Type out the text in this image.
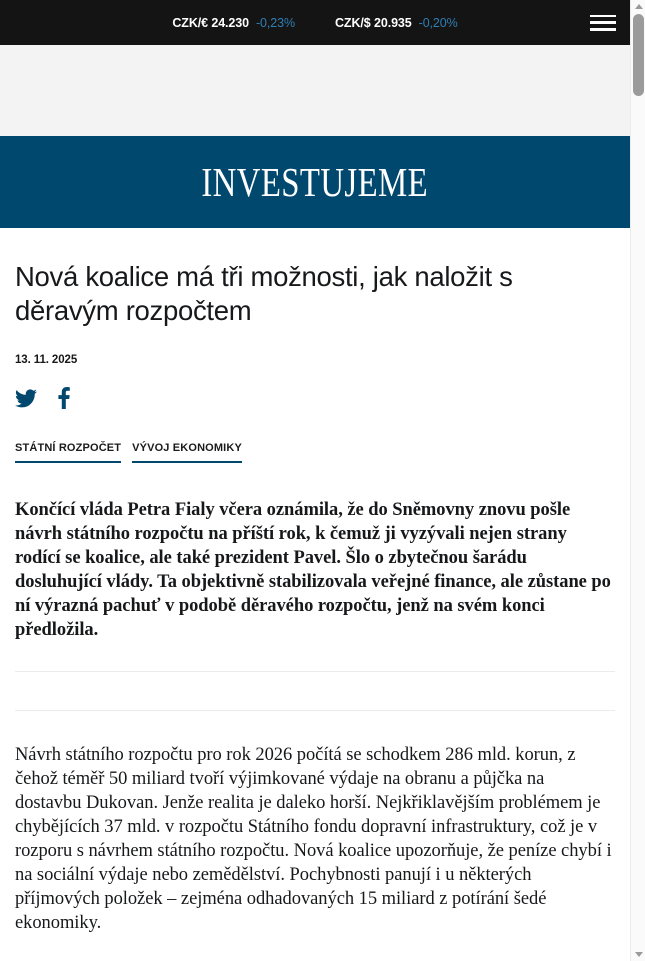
CZK/€ 24.230 -0,23%	CZK/$ 20.935 -0,20%
INVESTUJEME
Nová koalice má tři možnosti, jak naložit s děravým rozpočtem
13. 11. 2025
STÁTNÍ ROZPOČET VÝVOJ EKONOMIKY

Končící vláda Petra Fialy včera oznámila, že do Sněmovny znovu pošle návrh státního rozpočtu na příští rok, k čemuž ji vyzývali nejen strany rodící se koalice, ale také prezident Pavel. Šlo o zbytečnou šarádu dosluhující vlády. Ta objektivně stabilizovala veřejné finance, ale zůstane po ní výrazná pachuť v podobě děravého rozpočtu, jenž na svém konci předložila.

Návrh státního rozpočtu pro rok 2026 počítá se schodkem 286 mld. korun, z čehož téměř 50 miliard tvoří výjimkované výdaje na obranu a půjčka na dostavbu Dukovan. Jenže realita je daleko horší. Nejkřiklavějším problémem je chybějících 37 mld. v rozpočtu Státního fondu dopravní infrastruktury, což je v rozporu s návrhem státního rozpočtu. Nová koalice upozorňuje, že peníze chybí i na sociální výdaje nebo zemědělství. Pochybnosti panují i u některých příjmových položek – zejména odhadovaných 15 miliard z potírání šedé ekonomiky.
